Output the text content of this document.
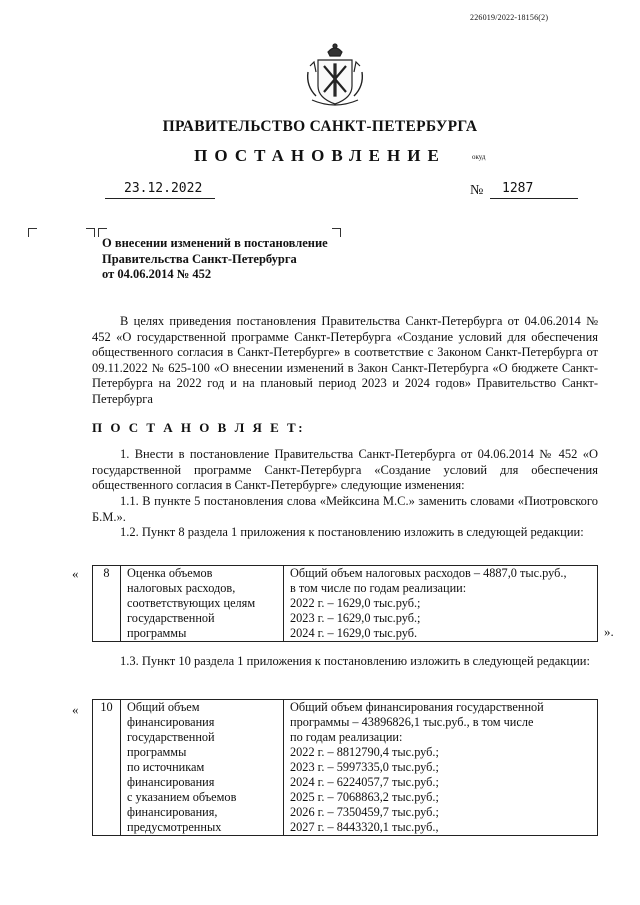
226019/2022-18156(2)
ПРАВИТЕЛЬСТВО САНКТ-ПЕТЕРБУРГА
ПОСТАНОВЛЕНИЕ	окуд
23.12.2022	№ 1287
О внесении изменений в постановление
Правительства Санкт-Петербурга
от 04.06.2014 № 452
В целях приведения постановления Правительства Санкт-Петербурга от 04.06.2014 № 452 «О государственной программе Санкт-Петербурга «Создание условий для обеспечения общественного согласия в Санкт-Петербурге» в соответствие с Законом Санкт-Петербурга от 09.11.2022 № 625-100 «О внесении изменений в Закон Санкт-Петербурга «О бюджете Санкт-Петербурга на 2022 год и на плановый период 2023 и 2024 годов» Правительство Санкт-Петербурга
П О С Т А Н О В Л Я Е Т:
1. Внести в постановление Правительства Санкт-Петербурга от 04.06.2014 № 452 «О государственной программе Санкт-Петербурга «Создание условий для обеспечения общественного согласия в Санкт-Петербурге» следующие изменения:
1.1. В пункте 5 постановления слова «Мейксина М.С.» заменить словами «Пиотровского Б.М.».
1.2. Пункт 8 раздела 1 приложения к постановлению изложить в следующей редакции:
« 8	Оценка объемов
налоговых расходов,
соответствующих целям
государственной
программы

Общий объем налоговых расходов – 4887,0 тыс.руб.,
в том числе по годам реализации:
2022 г. – 1629,0 тыс.руб.;
2023 г. – 1629,0 тыс.руб.;
2024 г. – 1629,0 тыс.руб.	».
1.3. Пункт 10 раздела 1 приложения к постановлению изложить в следующей редакции:
« 10	Общий объем
финансирования
государственной
программы
по источникам
финансирования
с указанием объемов
финансирования,
предусмотренных

Общий объем финансирования государственной
программы – 43896826,1 тыс.руб., в том числе
по годам реализации:
2022 г. – 8812790,4 тыс.руб.;
2023 г. – 5997335,0 тыс.руб.;
2024 г. – 6224057,7 тыс.руб.;
2025 г. – 7068863,2 тыс.руб.;
2026 г. – 7350459,7 тыс.руб.;
2027 г. – 8443320,1 тыс.руб.,
